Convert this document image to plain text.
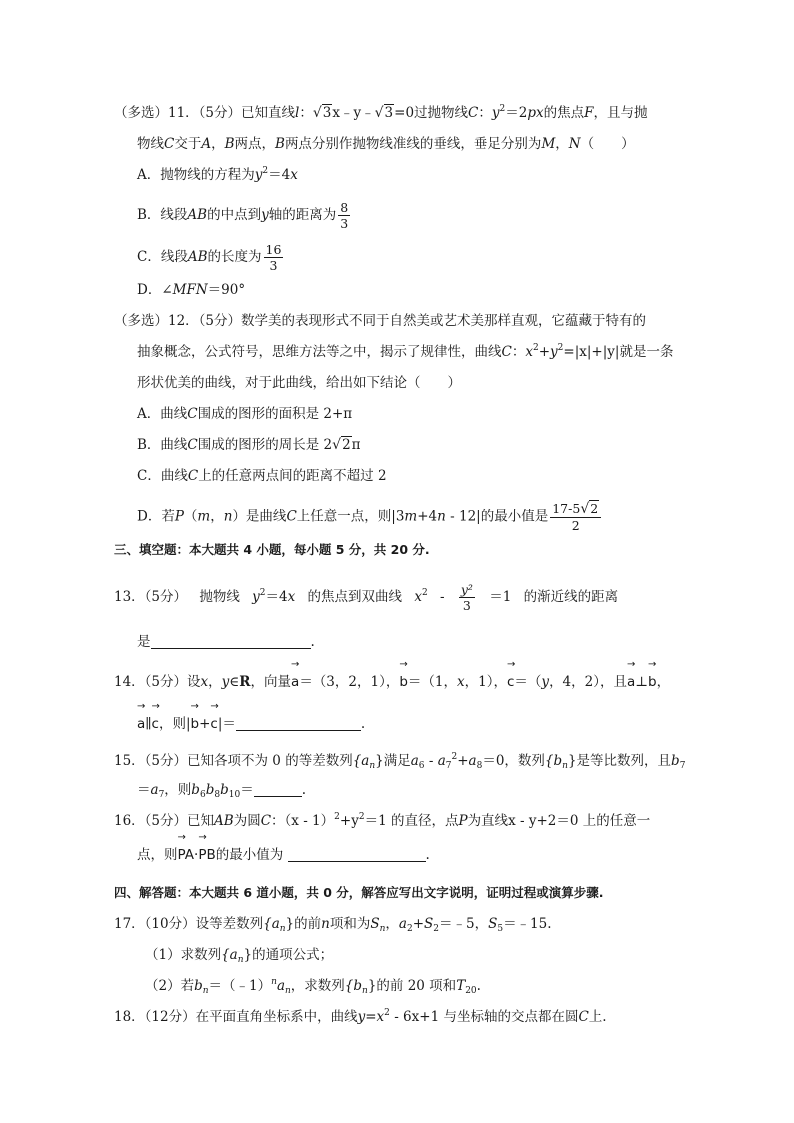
（多选）11．（5分）已知直线l：√3x﹣y﹣√3=0过抛物线C：$y^2=2px$的焦点F，且与抛
物线C交于A，B两点，B两点分别作抛物线准线的垂线，垂足分别为M，N（　　）
A．抛物线的方程为$y^2=4x$
B．线段AB的中点到y轴的距离为 $\frac{8}{3}$
C．线段AB的长度为 $\frac{16}{3}$
D．∠MFN＝90°
（多选）12．（5分）数学美的表现形式不同于自然美或艺术美那样直观，它蕴藏于特有的
抽象概念，公式符号，思维方法等之中，揭示了规律性，曲线C：$x^2+y^2=|x|+|y|$就是一条
形状优美的曲线，对于此曲线，给出如下结论（　　）
A．曲线C围成的图形的面积是 2+π
B．曲线C围成的图形的周长是 2√2π
C．曲线C上的任意两点间的距离不超过 2
D．若P（m，n）是曲线C上任意一点，则|3m+4n - 12|的最小值是 $\frac{17-5√2}{2}$
三、填空题：本大题共 4 小题，每小题 5 分，共 20 分.
13．（5分） 抛物线 $y^2=4x$ 的焦点到双曲线 $x^2 - \frac{\text{y²}}{3} =1$ 的渐近线的距离
是	.
14．（5分）设x，y∈R，向量→ a＝（3，2，1），→ b＝（1，x，1），→ c＝（y，4，2），且→ a⊥→ b，
→ a∥→ c，则|→ b+→ c|＝	.
15．（5分）已知各项不为 0 的等差数列$\{a_n\}$满足$a_6 - a_7^2+a_8=0$，数列$\{b_n\}$是等比数列，且$b_7$
$=a_7$，则$b_6b_8b_{10}=$	.
16．（5分）已知AB为圆C：$(x - 1)^2+y^2=1$ 的直径，点P为直线x - y+2＝0 上的任意一
点，则→ PA·→ PB的最小值为	.
四、解答题：本大题共 6 道小题，共 0 分，解答应写出文字说明，证明过程或演算步骤.
17．（10分）设等差数列$\{a_n\}$的前n项和为$S_n$，$a_2+S_2=﹣5$，$S_5=﹣15$.
（1）求数列$\{a_n\}$的通项公式；
（2）若$b_n=(﹣1)^na_n$，求数列$\{b_n\}$的前 20 项和$T_{20}$.
18．（12分）在平面直角坐标系中，曲线$y=x^2 - 6x+1$ 与坐标轴的交点都在圆C上.
